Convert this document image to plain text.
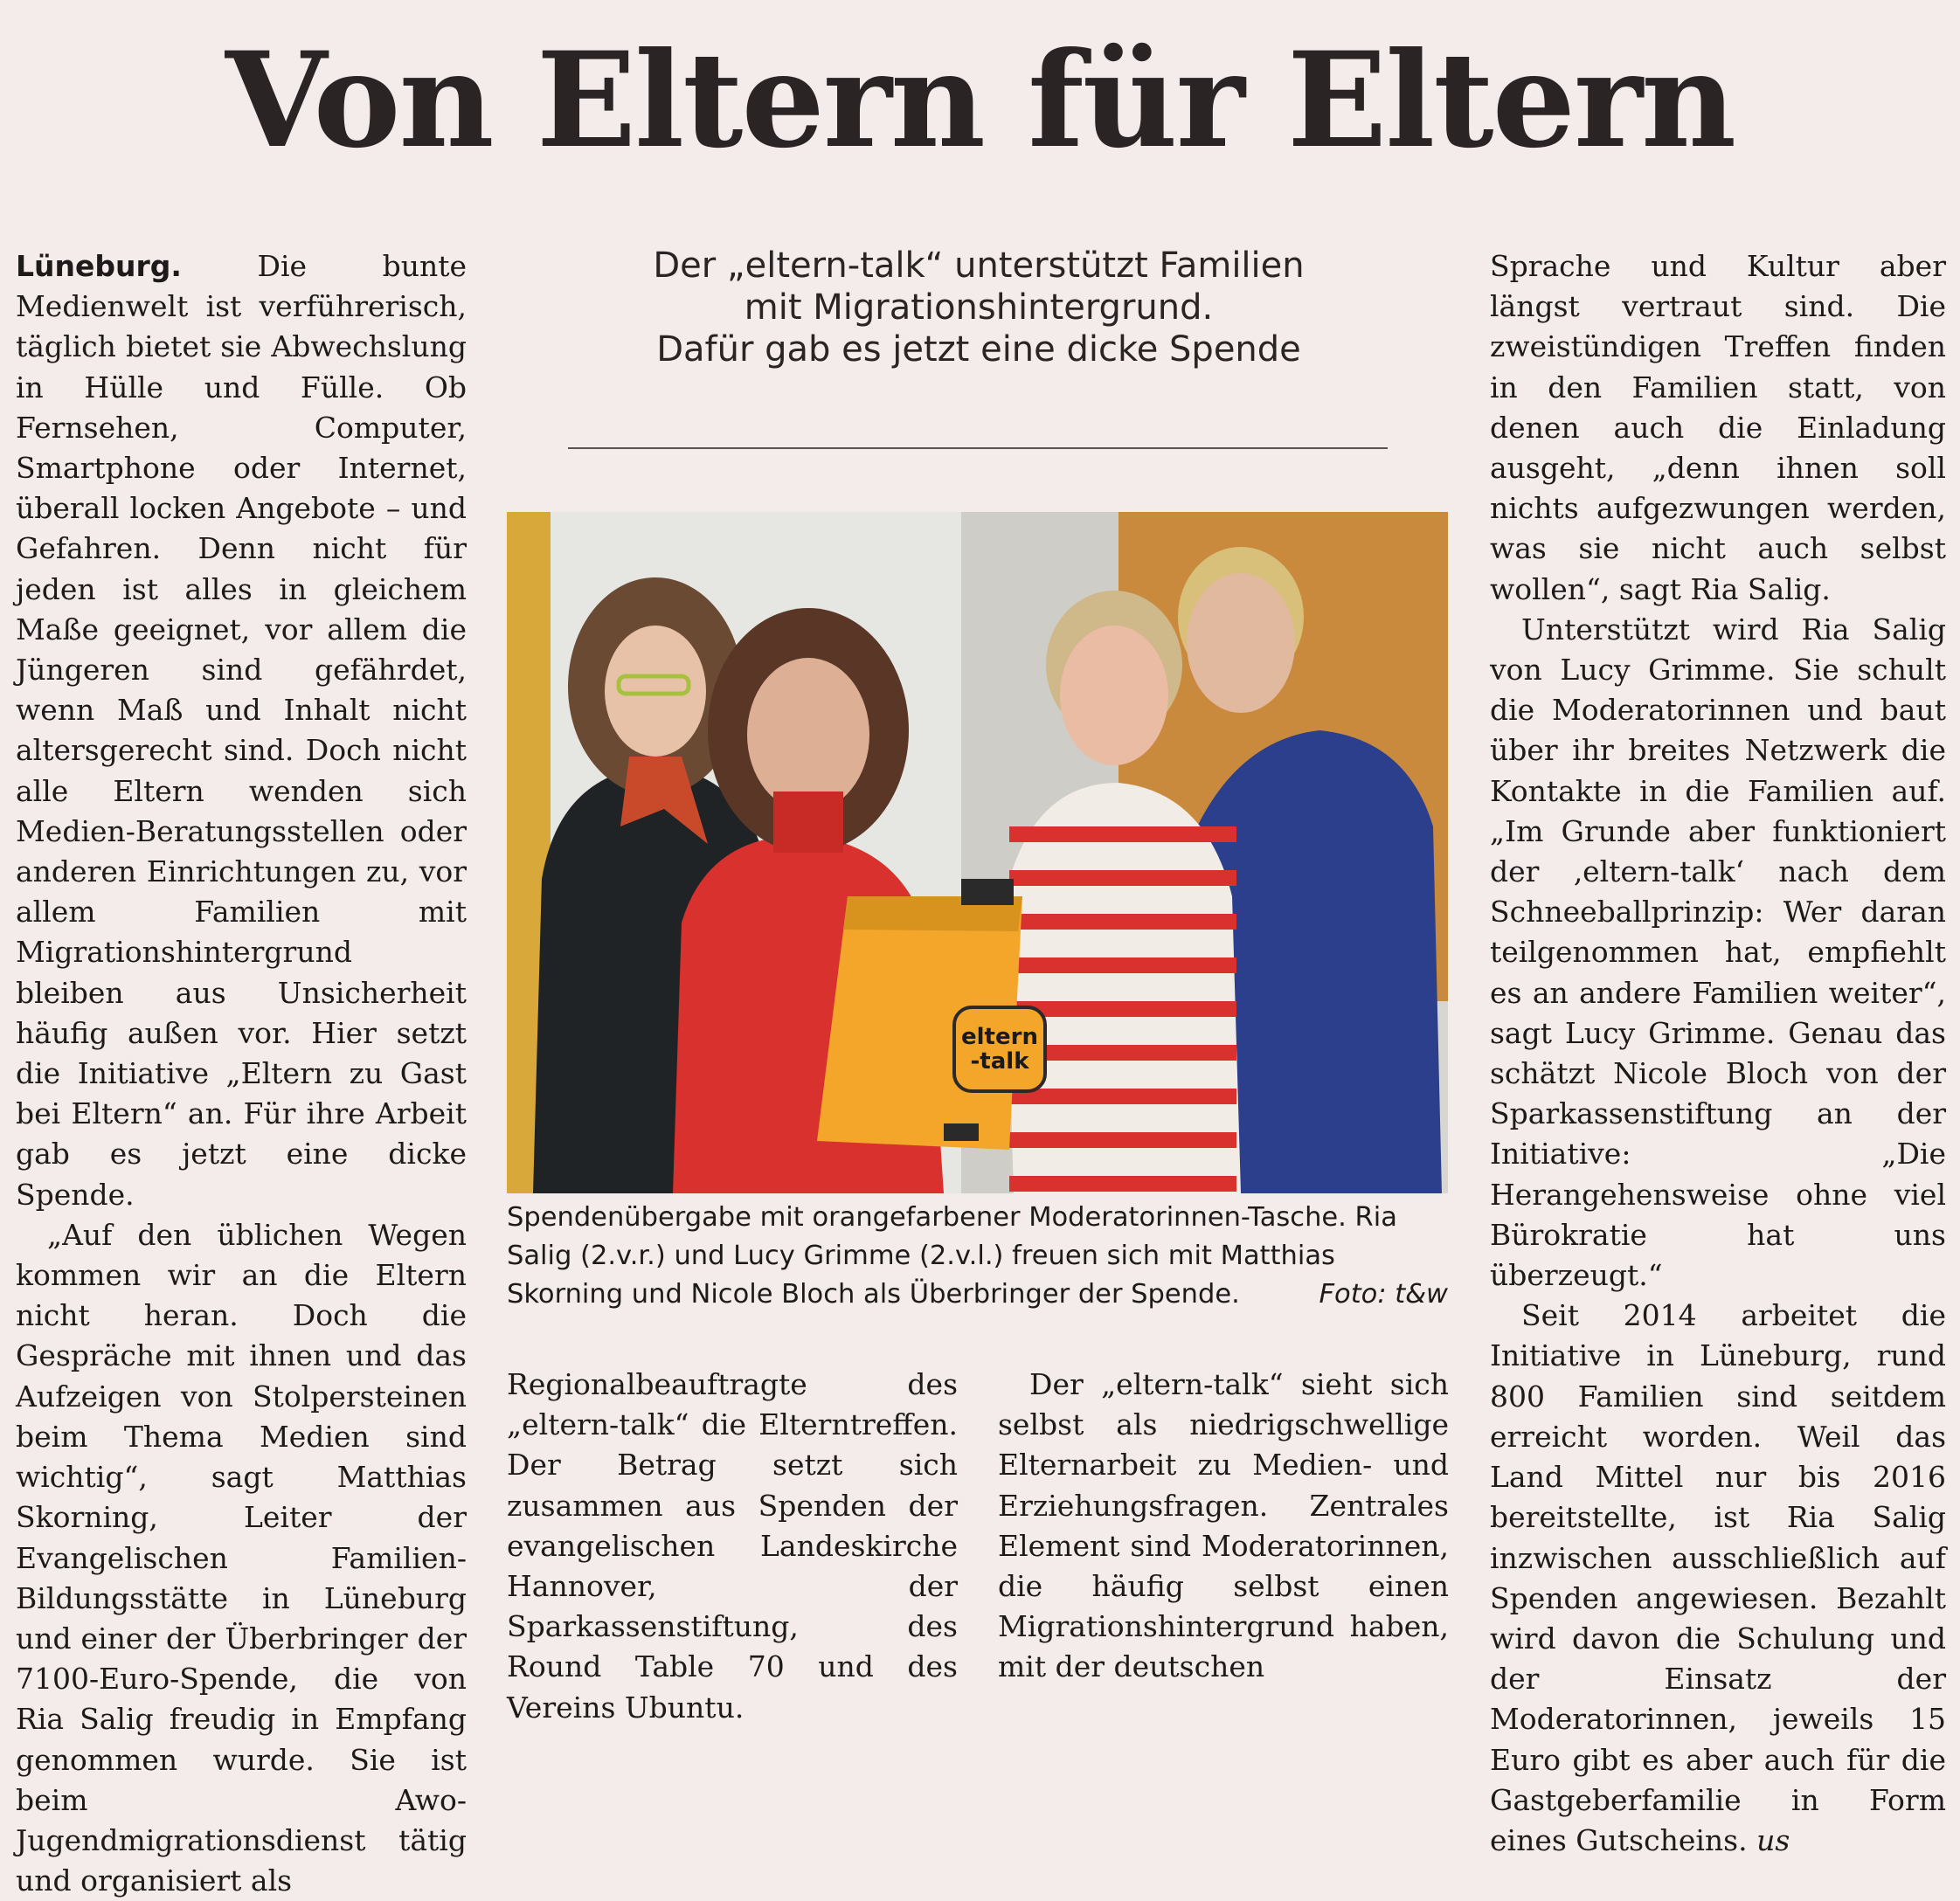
Von Eltern für Eltern
Der „eltern-talk“ unterstützt Familien
mit Migrationshintergrund.
Dafür gab es jetzt eine dicke Spende

Lüneburg.	Die bunte Medienwelt ist verführerisch, täglich bietet sie Abwechslung in Hülle und Fülle. Ob Fernsehen, Computer, Smartphone oder Internet, überall locken Angebote – und Gefahren. Denn nicht für jeden ist alles in gleichem Maße geeignet, vor allem die Jüngeren sind gefährdet, wenn Maß und Inhalt nicht altersgerecht sind. Doch nicht alle Eltern wenden sich Medien-Beratungsstellen oder anderen Einrichtungen zu, vor allem Familien mit Migrationshintergrund bleiben aus Unsicherheit häufig außen vor. Hier setzt die Initiative „Eltern zu Gast bei Eltern“ an. Für ihre Arbeit gab es jetzt eine dicke Spende.

„Auf den üblichen Wegen kommen wir an die Eltern nicht heran. Doch die Gespräche mit ihnen und das Aufzeigen von Stolpersteinen beim Thema Medien sind wichtig“, sagt Matthias Skorning, Leiter der Evangelischen Familien-Bildungsstätte in Lüneburg und einer der Überbringer der 7100-Euro-Spende, die von Ria Salig freudig in Empfang genommen wurde. Sie ist beim Awo-Jugendmigrationsdienst tätig und organisiert als

eltern
-talk
Spendenübergabe mit orangefarbener Moderatorinnen-Tasche. Ria Salig (2.v.r.) und Lucy Grimme (2.v.l.) freuen sich mit Matthias Skorning und Nicole Bloch als Überbringer der Spende.	Foto: t&w

Regionalbeauftragte des „eltern-talk“ die Elterntreffen. Der Betrag setzt sich zusammen aus Spenden der evangelischen Landeskirche Hannover, der Sparkassenstiftung, des Round Table 70 und des Vereins Ubuntu.

Der „eltern-talk“ sieht sich selbst als niedrigschwellige Elternarbeit zu Medien- und Erziehungsfragen. Zentrales Element sind Moderatorinnen, die häufig selbst einen Migrationshintergrund haben, mit der deutschen

Sprache und Kultur aber längst vertraut sind. Die zweistündigen Treffen finden in den Familien statt, von denen auch die Einladung ausgeht, „denn ihnen soll nichts aufgezwungen werden, was sie nicht auch selbst wollen“, sagt Ria Salig.

Unterstützt wird Ria Salig von Lucy Grimme. Sie schult die Moderatorinnen und baut über ihr breites Netzwerk die Kontakte in die Familien auf. „Im Grunde aber funktioniert der ‚eltern-talk‘ nach dem Schneeballprinzip: Wer daran teilgenommen hat, empfiehlt es an andere Familien weiter“, sagt Lucy Grimme. Genau das schätzt Nicole Bloch von der Sparkassenstiftung an der Initiative: „Die Herangehensweise ohne viel Bürokratie hat uns überzeugt.“

Seit 2014 arbeitet die Initiative in Lüneburg, rund 800 Familien sind seitdem erreicht worden. Weil das Land Mittel nur bis 2016 bereitstellte, ist Ria Salig inzwischen ausschließlich auf Spenden angewiesen. Bezahlt wird davon die Schulung und der Einsatz der Moderatorinnen, jeweils 15 Euro gibt es aber auch für die Gastgeberfamilie in Form eines Gutscheins. us
